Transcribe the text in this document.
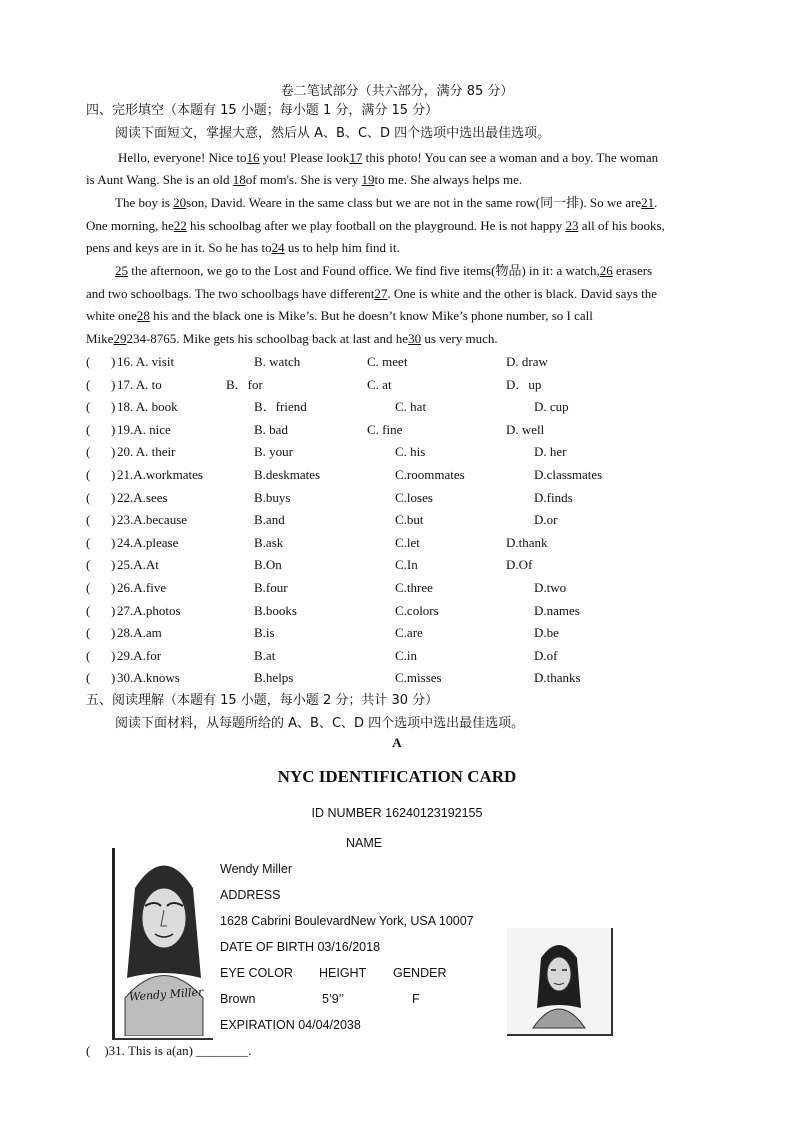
卷二笔试部分（共六部分，满分 85 分）
四、完形填空（本题有 15 小题；每小题 1 分，满分 15 分）
阅读下面短文，掌握大意，然后从 A、B、C、D 四个选项中选出最佳选项。
Hello, everyone! Nice to16 you! Please look17 this photo! You can see a woman and a boy. The woman
is Aunt Wang. She is an old 18of mom's. She is very 19to me. She always helps me.
The boy is 20son, David. Weare in the same class but we are not in the same row(同一排). So we are21.
One morning, he22 his schoolbag after we play football on the playground. He is not happy 23 all of his books,
pens and keys are in it. So he has to24 us to help him find it.
25 the afternoon, we go to the Lost and Found office. We find five items(物品) in it: a watch,26 erasers
and two schoolbags. The two schoolbags have different27. One is white and the other is black. David says the
white one28 his and the black one is Mike’s. But he doesn’t know Mike’s phone number, so I call
Mike29234-8765. Mike gets his schoolbag back at last and he30 us very much.
( ) 16. A. visit	B. watch	C. meet	D. draw
( ) 17. A. to	B．for	C. at	D．up
( ) 18. A. book	B．friend	C. hat	D. cup
( ) 19.A. nice	B. bad	C. fine	D. well
( ) 20. A. their	B. your	C. his	D. her
( ) 21.A.workmates	B.deskmates	C.roommates	D.classmates
( ) 22.A.sees	B.buys	C.loses	D.finds
( ) 23.A.because	B.and	C.but	D.or
( ) 24.A.please	B.ask	C.let	D.thank
( ) 25.A.At	B.On	C.In	D.Of
( ) 26.A.five	B.four	C.three	D.two
( ) 27.A.photos	B.books	C.colors	D.names
( ) 28.A.am	B.is	C.are	D.be
( ) 29.A.for	B.at	C.in	D.of
( ) 30.A.knows	B.helps	C.misses	D.thanks
五、阅读理解（本题有 15 小题，每小题 2 分；共计 30 分）
阅读下面材料，从每题所给的 A、B、C、D 四个选项中选出最佳选项。
A
NYC IDENTIFICATION CARD
ID NUMBER 16240123192155
NAME
Wendy Miller
Wendy Miller
ADDRESS
1628 Cabrini BoulevardNew York, USA 10007
DATE OF BIRTH 03/16/2018
EYE COLOR HEIGHT GENDER
Brown	5’9’’	F
EXPIRATION 04/04/2038
( )31. This is a(an) ________.
